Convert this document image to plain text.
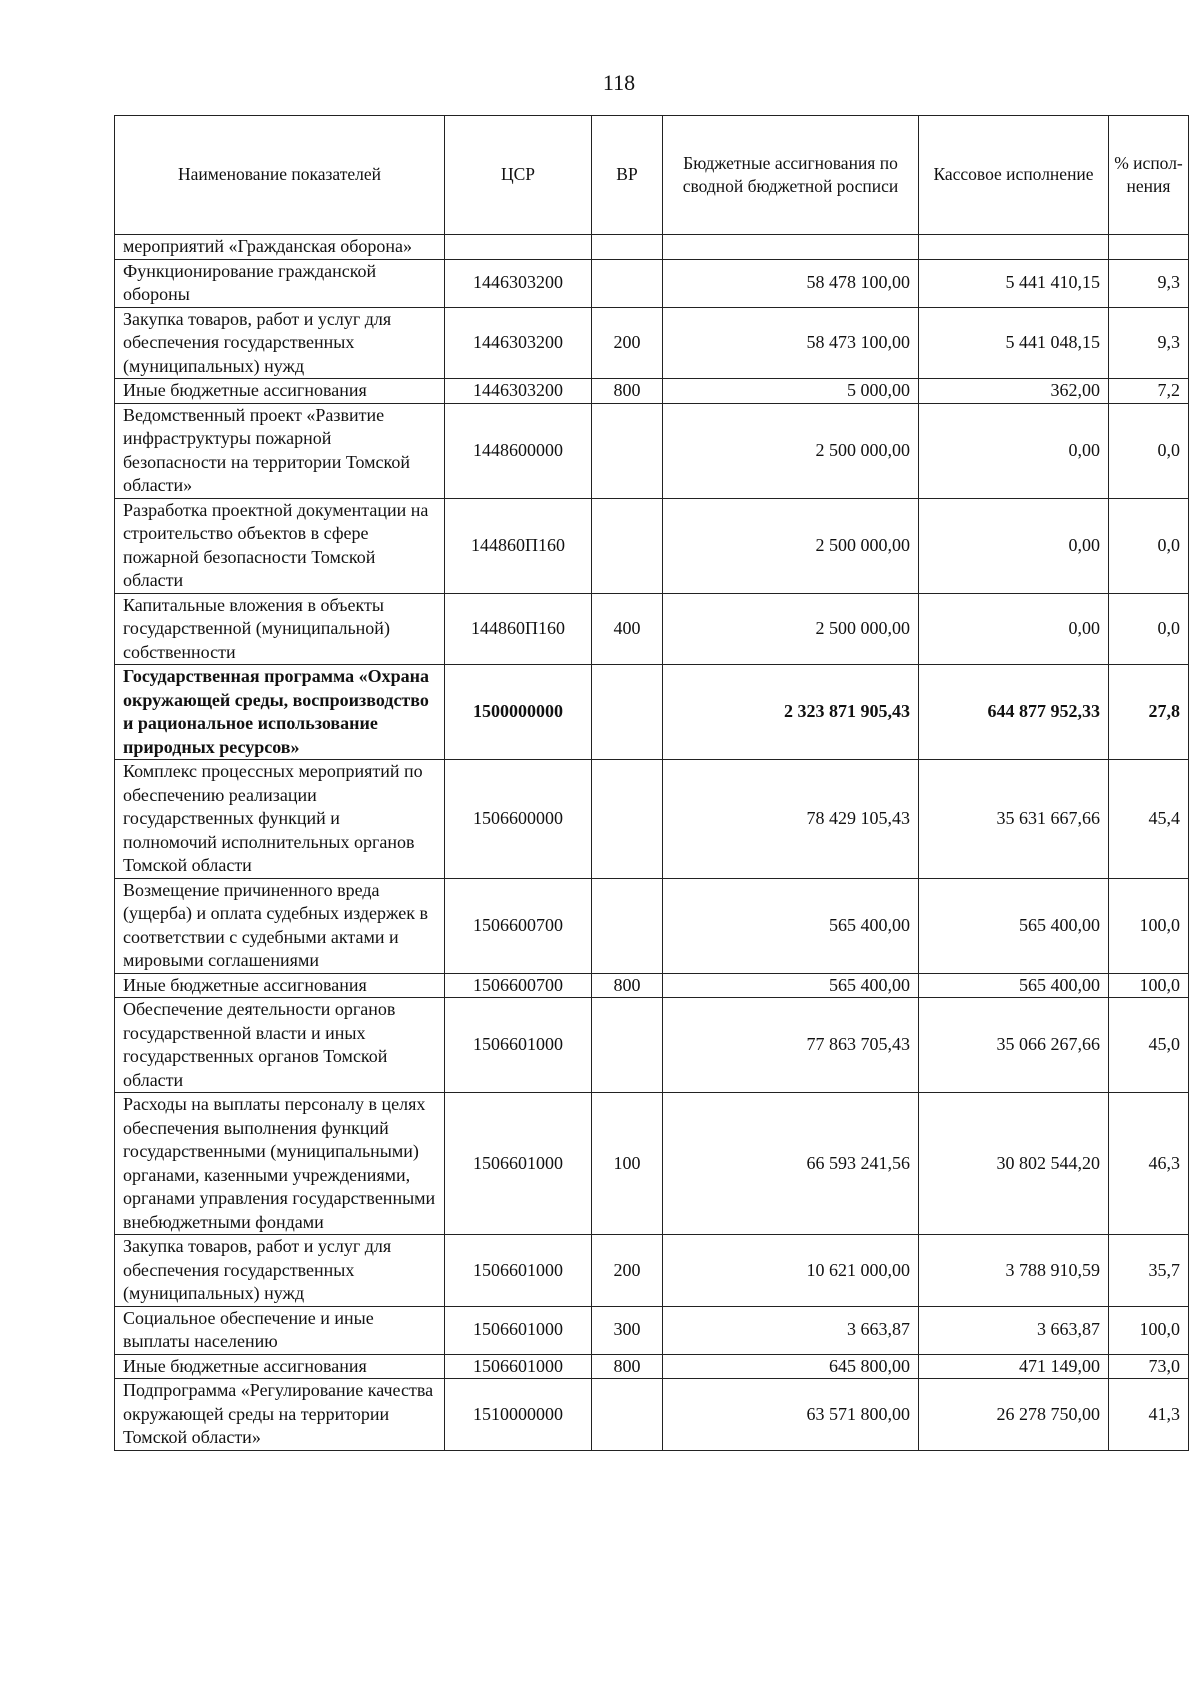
118
Наименование показателей	ЦСР	ВР	Бюджетные ассигнования по сводной бюджетной росписи	Кассовое исполнение	% испол-нения
мероприятий «Гражданская оборона»					
Функционирование гражданской обороны	1446303200		58 478 100,00	5 441 410,15	9,3
Закупка товаров, работ и услуг для обеспечения государственных (муниципальных) нужд	1446303200	200	58 473 100,00	5 441 048,15	9,3
Иные бюджетные ассигнования	1446303200	800	5 000,00	362,00	7,2
Ведомственный проект «Развитие инфраструктуры пожарной безопасности на территории Томской области»	1448600000		2 500 000,00	0,00	0,0
Разработка проектной документации на строительство объектов в сфере пожарной безопасности Томской области	144860П160		2 500 000,00	0,00	0,0
Капитальные вложения в объекты государственной (муниципальной) собственности	144860П160	400	2 500 000,00	0,00	0,0
Государственная программа «Охрана окружающей среды, воспроизводство и рациональное использование природных ресурсов»	1500000000		2 323 871 905,43	644 877 952,33	27,8
Комплекс процессных мероприятий по обеспечению реализации государственных функций и полномочий исполнительных органов Томской области	1506600000		78 429 105,43	35 631 667,66	45,4
Возмещение причиненного вреда (ущерба) и оплата судебных издержек в соответствии с судебными актами и мировыми соглашениями	1506600700		565 400,00	565 400,00	100,0
Иные бюджетные ассигнования	1506600700	800	565 400,00	565 400,00	100,0
Обеспечение деятельности органов государственной власти и иных государственных органов Томской области	1506601000		77 863 705,43	35 066 267,66	45,0
Расходы на выплаты персоналу в целях обеспечения выполнения функций государственными (муниципальными) органами, казенными учреждениями, органами управления государственными внебюджетными фондами	1506601000	100	66 593 241,56	30 802 544,20	46,3
Закупка товаров, работ и услуг для обеспечения государственных (муниципальных) нужд	1506601000	200	10 621 000,00	3 788 910,59	35,7
Социальное обеспечение и иные выплаты населению	1506601000	300	3 663,87	3 663,87	100,0
Иные бюджетные ассигнования	1506601000	800	645 800,00	471 149,00	73,0
Подпрограмма «Регулирование качества окружающей среды на территории Томской области»	1510000000		63 571 800,00	26 278 750,00	41,3
